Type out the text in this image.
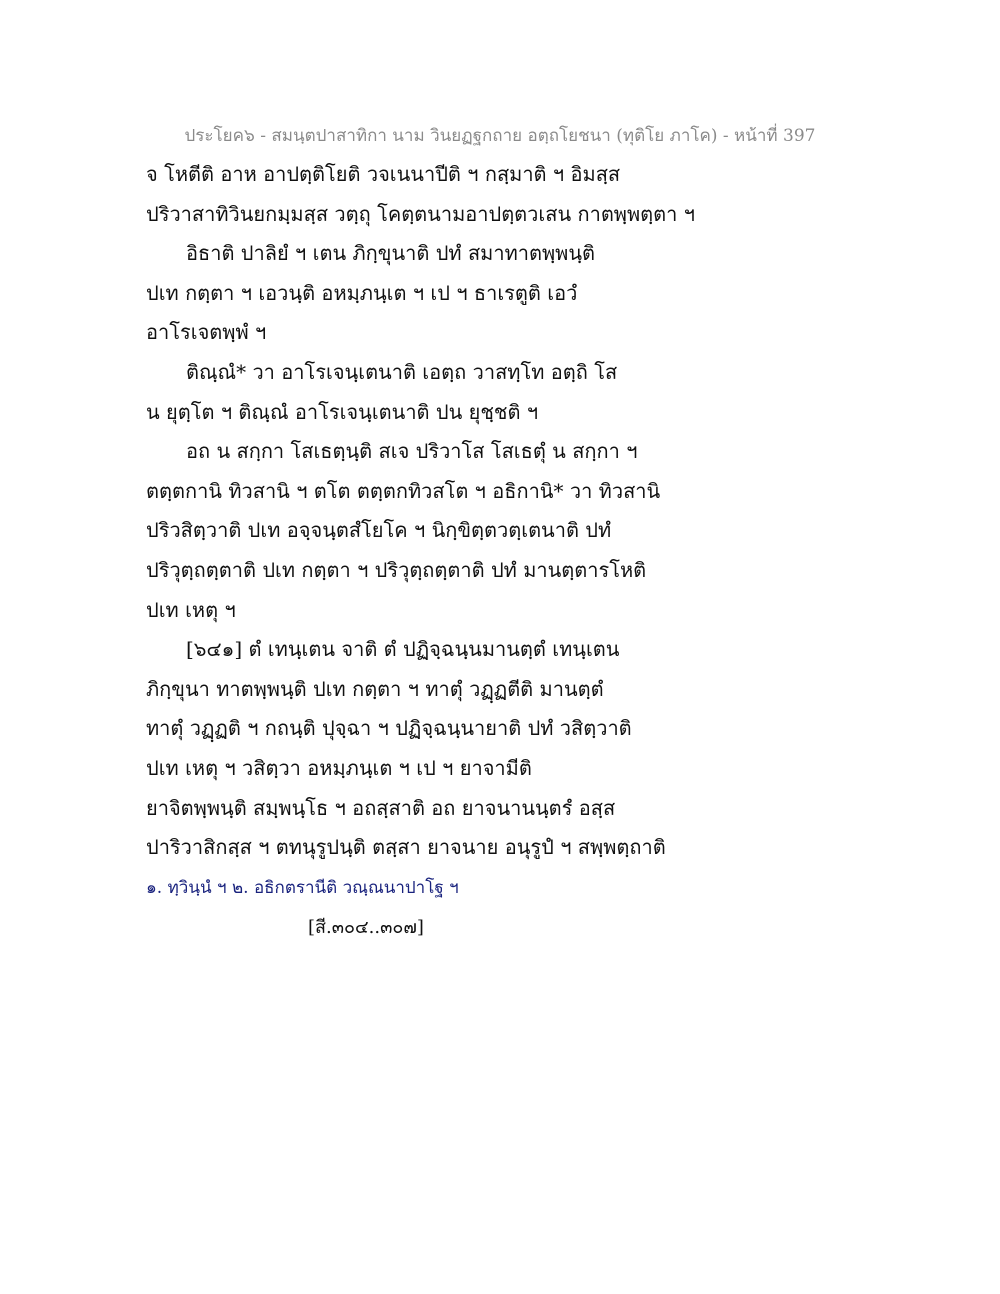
ประโยค๖ - สมนฺตปาสาทิกา นาม วินยฏฐกถาย อตฺถโยชนา (ทุติโย ภาโค) - หน้าที่ 397
จ โหตีติ อาห อาปตฺติโยติ วจเนนาปีติ ฯ กสฺมาติ ฯ อิมสฺส
ปริวาสาทิวินยกมฺมสฺส วตฺถุ โคตฺตนามอาปตฺตวเสน กาตพฺพตฺตา ฯ
อิธาติ ปาลิยํ ฯ เตน ภิกฺขุนาติ ปทํ สมาทาตพฺพนฺติ
ปเท กตฺตา ฯ เอวนฺติ อหมฺภนฺเต ฯ เป ฯ ธาเรตูติ เอวํ
อาโรเจตพฺพํ ฯ
ติณฺณํ* วา อาโรเจนฺเตนาติ เอตฺถ วาสทฺโท อตฺถิ โส
น ยุตฺโต ฯ ติณฺณํ อาโรเจนฺเตนาติ ปน ยุชฺชติ ฯ
อถ น สกฺกา โสเธตฺนฺติ สเจ ปริวาโส โสเธตุํ น สกฺกา ฯ
ตตฺตกานิ ทิวสานิ ฯ ตโต ตตฺตกทิวสโต ฯ อธิกานิ* วา ทิวสานิ
ปริวสิตฺวาติ ปเท อจฺจนฺตสํโยโค ฯ นิกฺขิตฺตวตฺเตนาติ ปทํ
ปริวุตฺถตฺตาติ ปเท กตฺตา ฯ ปริวุตฺถตฺตาติ ปทํ มานตฺตารโหติ
ปเท เหตุ ฯ
[๖๔๑] ตํ เทนฺเตน จาติ ตํ ปฏิจฺฉนฺนมานตฺตํ เทนฺเตน
ภิกฺขุนา ทาตพฺพนฺติ ปเท กตฺตา ฯ ทาตุํ วฏฺฏตีติ มานตฺตํ
ทาตุํ วฏฺฏติ ฯ กถนฺติ ปุจฺฉา ฯ ปฏิจฺฉนฺนายาติ ปทํ วสิตฺวาติ
ปเท เหตุ ฯ วสิตฺวา อหมฺภนฺเต ฯ เป ฯ ยาจามีติ
ยาจิตพฺพนฺติ สมฺพนฺโธ ฯ อถสฺสาติ อถ ยาจนานนฺตรํ อสฺส
ปาริวาสิกสฺส ฯ ตทนุรูปนฺติ ตสฺสา ยาจนาย อนุรูปํ ฯ สพฺพตฺถาติ
๑. ทฺวินฺนํ ฯ ๒. อธิกตรานีติ วณฺณนาปาโฐ ฯ
[สี.๓๐๔..๓๐๗]
